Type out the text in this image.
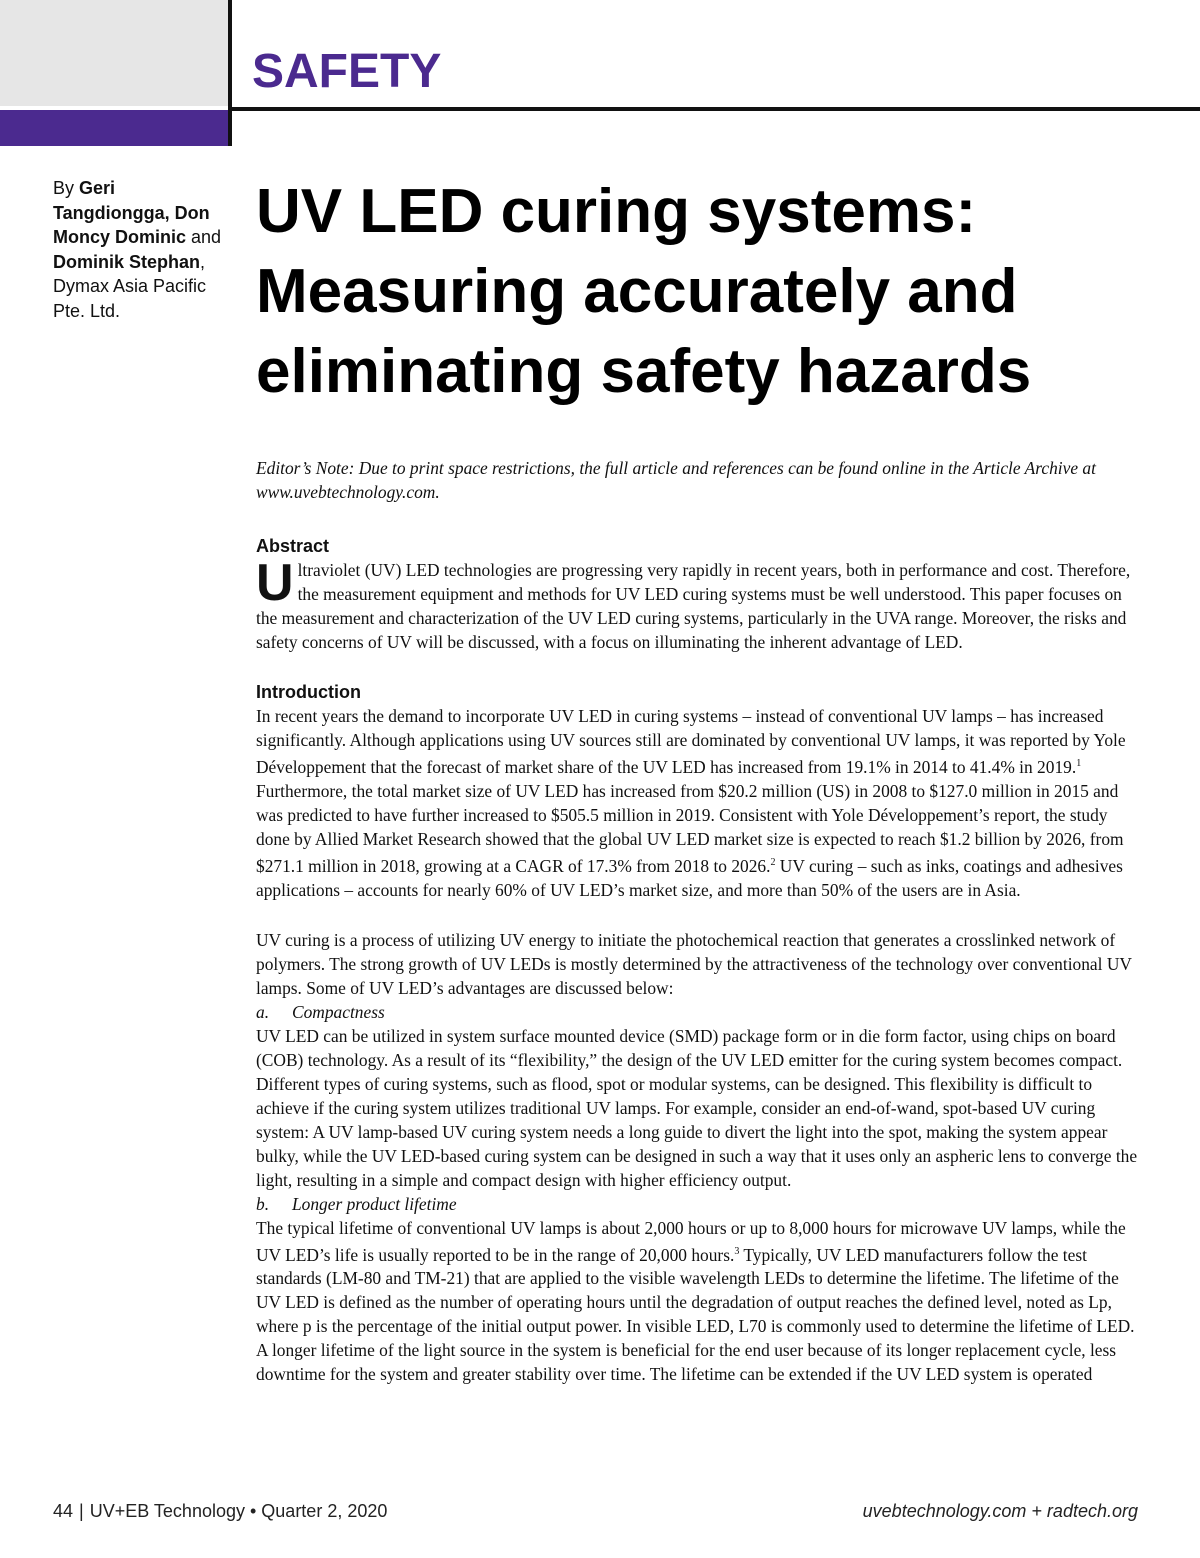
SAFETY
By Geri Tangdiongga, Don Moncy Dominic and Dominik Stephan, Dymax Asia Pacific Pte. Ltd.
UV LED curing systems: Measuring accurately and eliminating safety hazards

Editor’s Note: Due to print space restrictions, the full article and references can be found online in the Article Archive at www.uvebtechnology.com.

Abstract

Ultraviolet (UV) LED technologies are progressing very rapidly in recent years, both in performance and cost. Therefore, the measurement equipment and methods for UV LED curing systems must be well understood. This paper focuses on the measurement and characterization of the UV LED curing systems, particularly in the UVA range. Moreover, the risks and safety concerns of UV will be discussed, with a focus on illuminating the inherent advantage of LED.

Introduction

In recent years the demand to incorporate UV LED in curing systems – instead of conventional UV lamps – has increased significantly. Although applications using UV sources still are dominated by conventional UV lamps, it was reported by Yole Développement that the forecast of market share of the UV LED has increased from 19.1% in 2014 to 41.4% in 2019.$^1$ Furthermore, the total market size of UV LED has increased from $20.2 million (US) in 2008 to $127.0 million in 2015 and was predicted to have further increased to $505.5 million in 2019. Consistent with Yole Développement’s report, the study done by Allied Market Research showed that the global UV LED market size is expected to reach $1.2 billion by 2026, from $271.1 million in 2018, growing at a CAGR of 17.3% from 2018 to 2026.$^2$ UV curing – such as inks, coatings and adhesives applications – accounts for nearly 60% of UV LED’s market size, and more than 50% of the users are in Asia.

UV curing is a process of utilizing UV energy to initiate the photochemical reaction that generates a crosslinked network of polymers. The strong growth of UV LEDs is mostly determined by the attractiveness of the technology over conventional UV lamps. Some of UV LED’s advantages are discussed below:

a. Compactness

UV LED can be utilized in system surface mounted device (SMD) package form or in die form factor, using chips on board (COB) technology. As a result of its “flexibility,” the design of the UV LED emitter for the curing system becomes compact. Different types of curing systems, such as flood, spot or modular systems, can be designed. This flexibility is difficult to achieve if the curing system utilizes traditional UV lamps. For example, consider an end-of-wand, spot-based UV curing system: A UV lamp-based UV curing system needs a long guide to divert the light into the spot, making the system appear bulky, while the UV LED-based curing system can be designed in such a way that it uses only an aspheric lens to converge the light, resulting in a simple and compact design with higher efficiency output.

b. Longer product lifetime

The typical lifetime of conventional UV lamps is about 2,000 hours or up to 8,000 hours for microwave UV lamps, while the UV LED’s life is usually reported to be in the range of 20,000 hours.$^3$ Typically, UV LED manufacturers follow the test standards (LM-80 and TM-21) that are applied to the visible wavelength LEDs to determine the lifetime. The lifetime of the UV LED is defined as the number of operating hours until the degradation of output reaches the defined level, noted as Lp, where p is the percentage of the initial output power. In visible LED, L70 is commonly used to determine the lifetime of LED. A longer lifetime of the light source in the system is beneficial for the end user because of its longer replacement cycle, less downtime for the system and greater stability over time. The lifetime can be extended if the UV LED system is operated

44 | UV+EB Technology • Quarter 2, 2020	uvebtechnology.com + radtech.org
